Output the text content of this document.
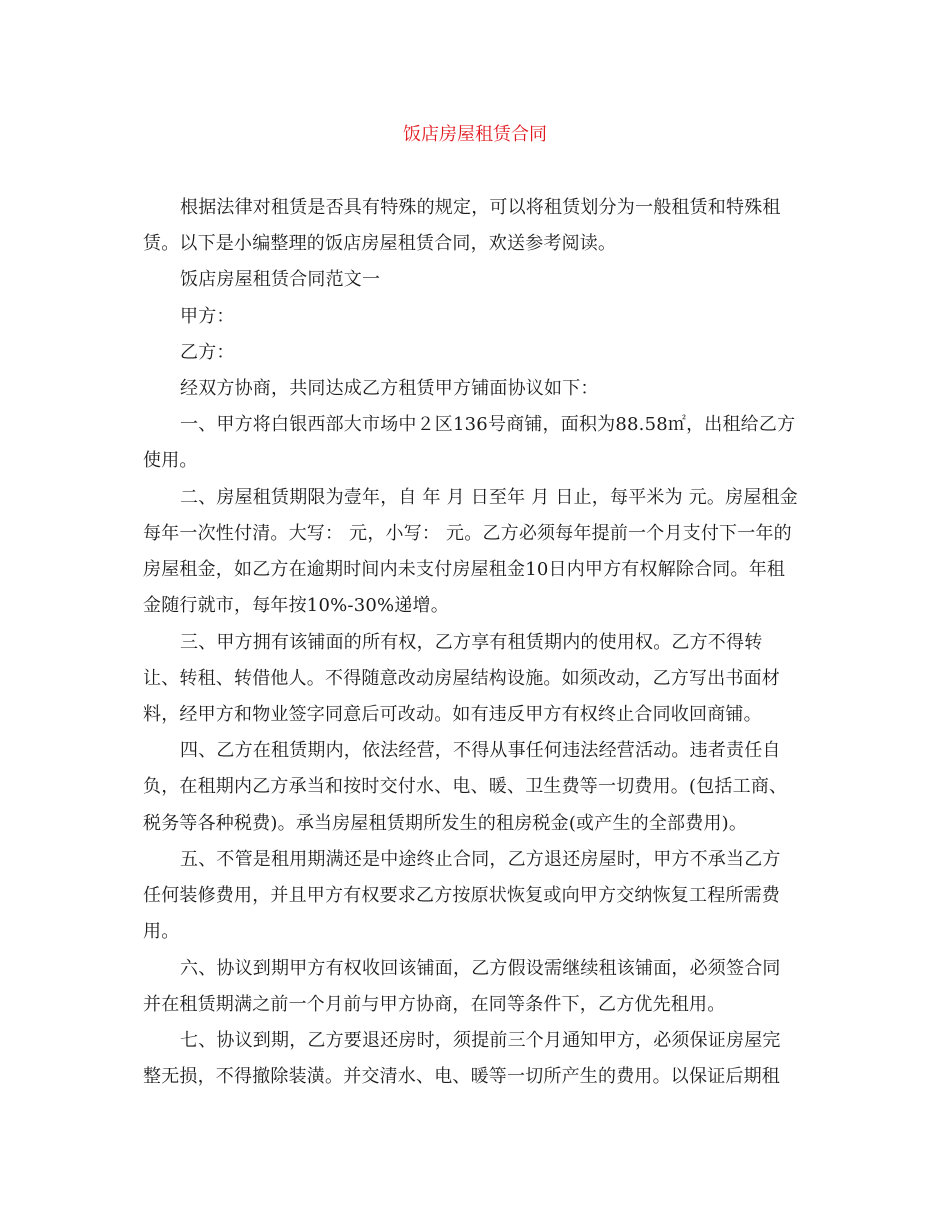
饭店房屋租赁合同
根据法律对租赁是否具有特殊的规定，可以将租赁划分为一般租赁和特殊租
赁。以下是小编整理的饭店房屋租赁合同，欢送参考阅读。
饭店房屋租赁合同范文一
甲方：
乙方：
经双方协商，共同达成乙方租赁甲方铺面协议如下：
一、甲方将白银西部大市场中２区136号商铺，面积为88.58㎡，出租给乙方
使用。
二、房屋租赁期限为壹年，自 年 月 日至年 月 日止，每平米为 元。房屋租金
每年一次性付清。大写： 元，小写： 元。乙方必须每年提前一个月支付下一年的
房屋租金，如乙方在逾期时间内未支付房屋租金10日内甲方有权解除合同。年租
金随行就市，每年按10%-30%递增。
三、甲方拥有该铺面的所有权，乙方享有租赁期内的使用权。乙方不得转
让、转租、转借他人。不得随意改动房屋结构设施。如须改动，乙方写出书面材
料，经甲方和物业签字同意后可改动。如有违反甲方有权终止合同收回商铺。
四、乙方在租赁期内，依法经营，不得从事任何违法经营活动。违者责任自
负，在租期内乙方承当和按时交付水、电、暖、卫生费等一切费用。(包括工商、
税务等各种税费)。承当房屋租赁期所发生的租房税金(或产生的全部费用)。
五、不管是租用期满还是中途终止合同，乙方退还房屋时，甲方不承当乙方
任何装修费用，并且甲方有权要求乙方按原状恢复或向甲方交纳恢复工程所需费
用。
六、协议到期甲方有权收回该铺面，乙方假设需继续租该铺面，必须签合同
并在租赁期满之前一个月前与甲方协商，在同等条件下，乙方优先租用。
七、协议到期，乙方要退还房时，须提前三个月通知甲方，必须保证房屋完
整无损，不得撤除装潢。并交清水、电、暖等一切所产生的费用。以保证后期租
